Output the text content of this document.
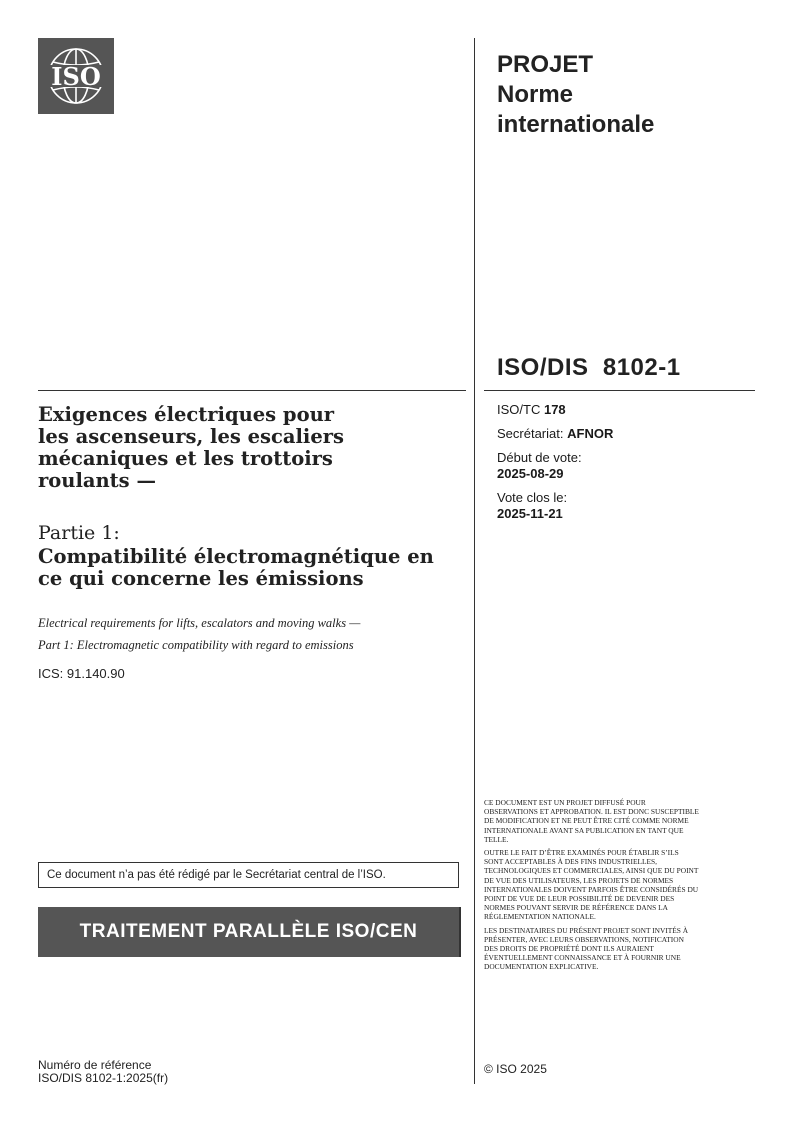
ISO	PROJET
Norme
internationale
ISO/DIS  8102-1
ISO/TC 178
Secrétariat: AFNOR
Début de vote:
2025-08-29
Vote clos le:
2025-11-21
Exigences électriques pour
les ascenseurs, les escaliers
mécaniques et les trottoirs
roulants —
Partie 1:
Compatibilité électromagnétique en
ce qui concerne les émissions
Electrical requirements for lifts, escalators and moving walks —
Part 1: Electromagnetic compatibility with regard to emissions
ICS: 91.140.90
Ce document n’a pas été rédigé par le Secrétariat central de l’ISO.
TRAITEMENT PARALLÈLE ISO/CEN
Numéro de référence
ISO/DIS 8102-1:2025(fr)

CE DOCUMENT EST UN PROJET DIFFUSÉ POUR OBSERVATIONS ET APPROBATION. IL EST DONC SUSCEPTIBLE DE MODIFICATION ET NE PEUT ÊTRE CITÉ COMME NORME INTERNATIONALE AVANT SA PUBLICATION EN TANT QUE TELLE.

OUTRE LE FAIT D’ÊTRE EXAMINÉS POUR ÉTABLIR S’ILS SONT ACCEPTABLES À DES FINS INDUSTRIELLES, TECHNOLOGIQUES ET COMMERCIALES, AINSI QUE DU POINT DE VUE DES UTILISATEURS, LES PROJETS DE NORMES INTERNATIONALES DOIVENT PARFOIS ÊTRE CONSIDÉRÉS DU POINT DE VUE DE LEUR POSSIBILITÉ DE DEVENIR DES NORMES POUVANT SERVIR DE RÉFÉRENCE DANS LA RÉGLEMENTATION NATIONALE.

LES DESTINATAIRES DU PRÉSENT PROJET SONT INVITÉS À PRÉSENTER, AVEC LEURS OBSERVATIONS, NOTIFICATION DES DROITS DE PROPRIÉTÉ DONT ILS AURAIENT ÉVENTUELLEMENT CONNAISSANCE ET À FOURNIR UNE DOCUMENTATION EXPLICATIVE.

© ISO 2025
